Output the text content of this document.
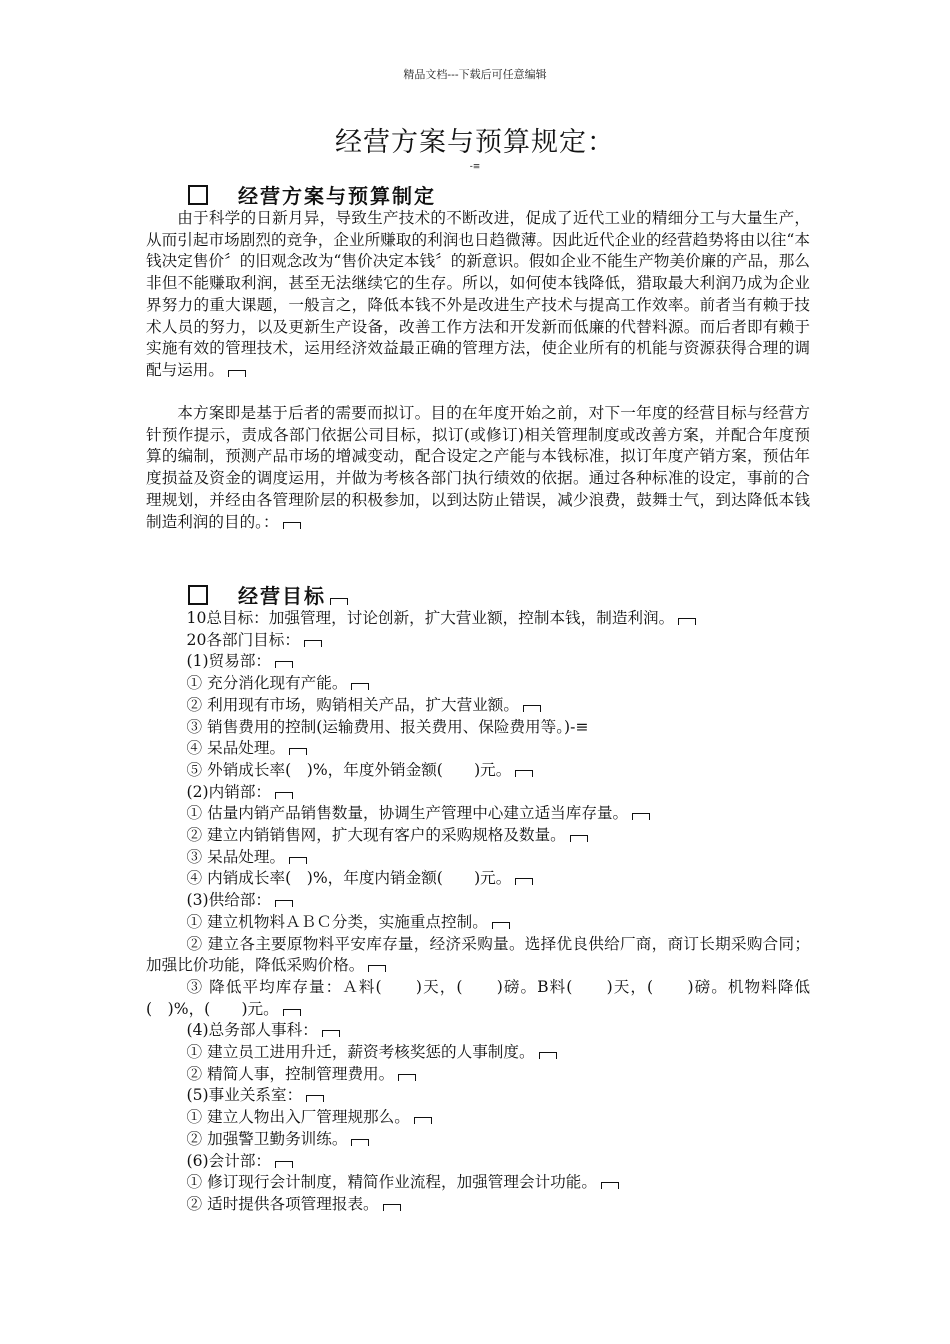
精品文档---下载后可任意编辑
经营方案与预算规定：
-≡
经营方案与预算制定

由于科学的日新月异，导致生产技术的不断改进，促成了近代工业的精细分工与大量生产，从而引起市场剧烈的竞争，企业所赚取的利润也日趋微薄。因此近代企业的经营趋势将由以往“本钱决定售价〞的旧观念改为“售价决定本钱〞的新意识。假如企业不能生产物美价廉的产品，那么非但不能赚取利润，甚至无法继续它的生存。所以，如何使本钱降低，猎取最大利润乃成为企业界努力的重大课题，一般言之，降低本钱不外是改进生产技术与提高工作效率。前者当有赖于技术人员的努力，以及更新生产设备，改善工作方法和开发新而低廉的代替料源。而后者即有赖于实施有效的管理技术，运用经济效益最正确的管理方法，使企业所有的机能与资源获得合理的调配与运用。

本方案即是基于后者的需要而拟订。目的在年度开始之前，对下一年度的经营目标与经营方针预作提示，责成各部门依据公司目标，拟订(或修订)相关管理制度或改善方案，并配合年度预算的编制，预测产品市场的增减变动，配合设定之产能与本钱标准，拟订年度产销方案，预估年度损益及资金的调度运用，并做为考核各部门执行绩效的依据。通过各种标准的设定，事前的合理规划，并经由各管理阶层的积极参加，以到达防止错误，减少浪费，鼓舞士气，到达降低本钱制造利润的目的。：

经营目标
10总目标：加强管理，讨论创新，扩大营业额，控制本钱，制造利润。
20各部门目标：
(1)贸易部：
① 充分消化现有产能。
② 利用现有市场，购销相关产品，扩大营业额。
③ 销售费用的控制(运输费用、报关费用、保险费用等。)-≡
④ 呆品处理。
⑤ 外销成长率(　)%，年度外销金额(　　)元。
(2)内销部：
① 估量内销产品销售数量，协调生产管理中心建立适当库存量。
② 建立内销销售网，扩大现有客户的采购规格及数量。
③ 呆品处理。
④ 内销成长率(　)%，年度内销金额(　　)元。
(3)供给部：
① 建立机物料ＡＢＣ分类，实施重点控制。
② 建立各主要原物料平安库存量，经济采购量。选择优良供给厂商，商订长期采购合同；加强比价功能，降低采购价格。
③ 降低平均库存量：Ａ料(　　)天，(　　)磅。B料(　　)天，(　　)磅。机物料降低(　)%，(　　)元。
(4)总务部人事科：
① 建立员工进用升迁，薪资考核奖惩的人事制度。
② 精简人事，控制管理费用。
(5)事业关系室：
① 建立人物出入厂管理规那么。
② 加强警卫勤务训练。
(6)会计部：
① 修订现行会计制度，精简作业流程，加强管理会计功能。
② 适时提供各项管理报表。
